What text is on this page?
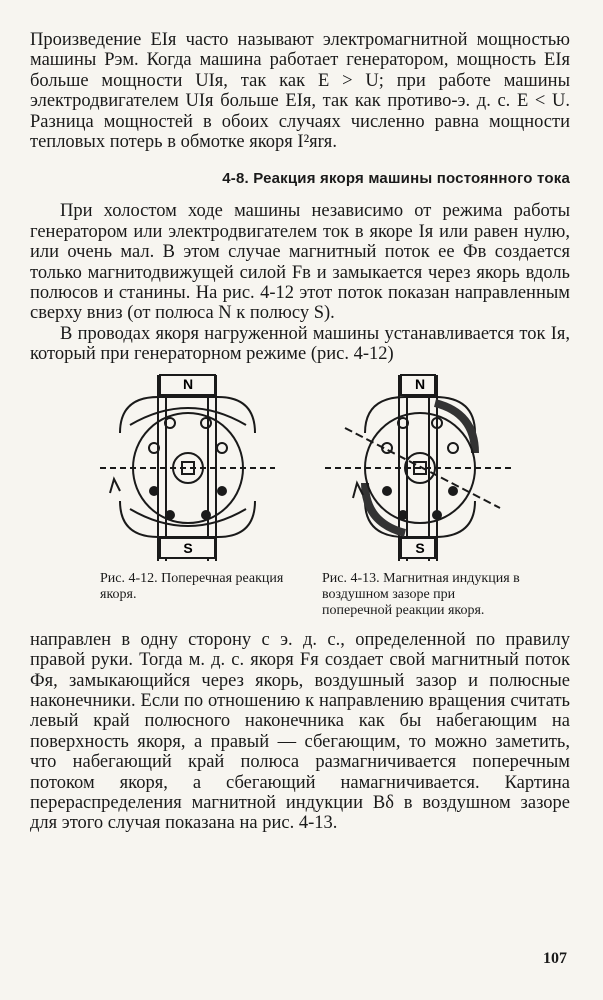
Произведение EIя часто называют электромагнитной мощностью машины Pэм. Когда машина работает генератором, мощность EIя больше мощности UIя, так как E > U; при работе машины электродвигателем UIя больше EIя, так как противо-э. д. с. E < U. Разница мощностей в обоих случаях численно равна мощности тепловых потерь в обмотке якоря I²яrя.

4-8. Реакция якоря машины постоянного тока

При холостом ходе машины независимо от режима работы генератором или электродвигателем ток в якоре Iя или равен нулю, или очень мал. В этом случае магнитный поток ее Фв создается только магнитодвижущей силой Fв и замыкается через якорь вдоль полюсов и станины. На рис. 4-12 этот поток показан направленным сверху вниз (от полюса N к полюсу S).

В проводах якоря нагруженной машины устанавливается ток Iя, который при генераторном режиме (рис. 4-12)

N
S
N
S

Рис. 4-12. Поперечная реакция якоря.

Рис. 4-13. Магнитная индукция в воздушном зазоре при поперечной реакции якоря.

направлен в одну сторону с э. д. с., определенной по правилу правой руки. Тогда м. д. с. якоря Fя создает свой магнитный поток Фя, замыкающийся через якорь, воздушный зазор и полюсные наконечники. Если по отношению к направлению вращения считать левый край полюсного наконечника как бы набегающим на поверхность якоря, а правый — сбегающим, то можно заметить, что набегающий край полюса размагничивается поперечным потоком якоря, а сбегающий намагничивается. Картина перераспределения магнитной индукции Bδ в воздушном зазоре для этого случая показана на рис. 4-13.

107
